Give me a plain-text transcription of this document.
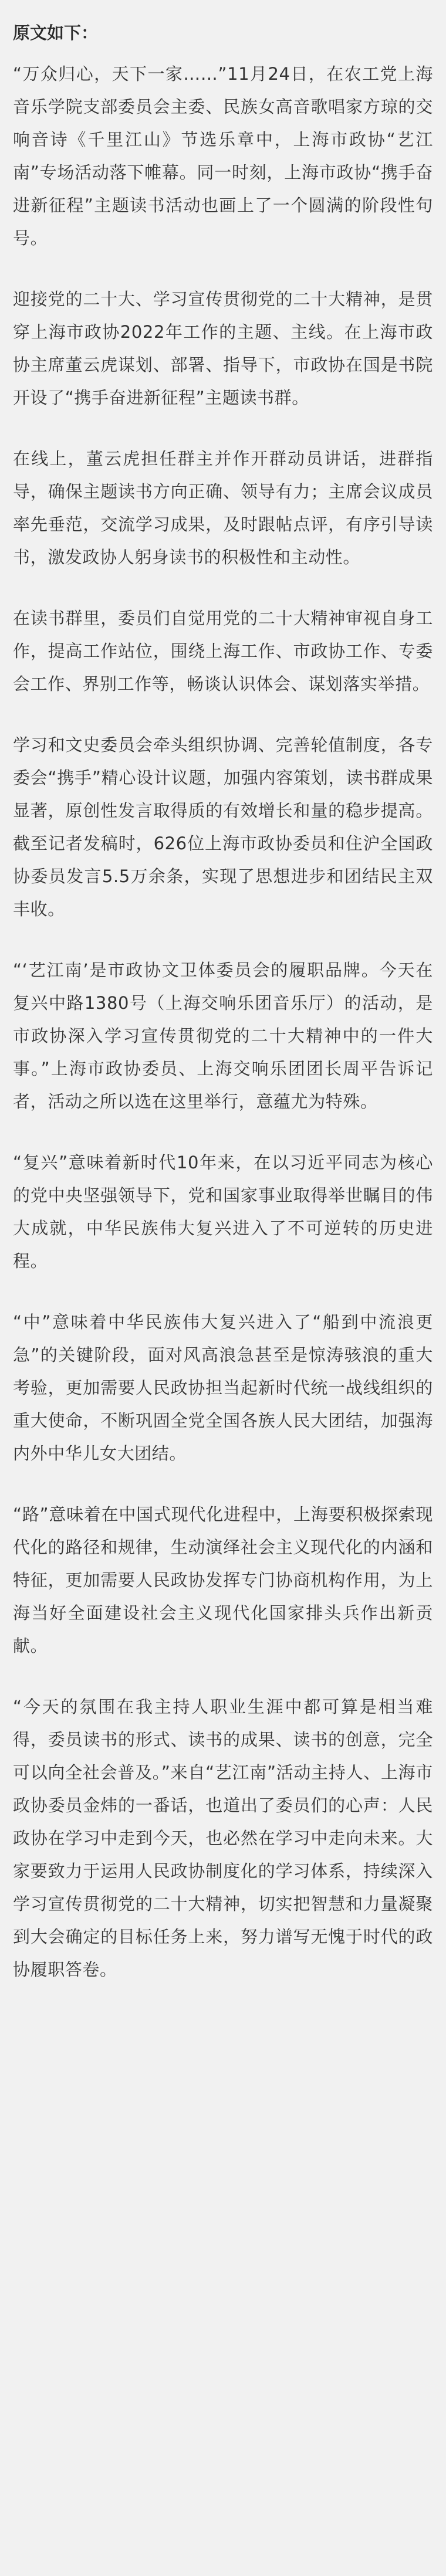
原文如下：

“万众归心，天下一家……”11月24日，在农工党上海音乐学院支部委员会主委、民族女高音歌唱家方琼的交响音诗《千里江山》节选乐章中，上海市政协“艺江南”专场活动落下帷幕。同一时刻，上海市政协“携手奋进新征程”主题读书活动也画上了一个圆满的阶段性句号。

迎接党的二十大、学习宣传贯彻党的二十大精神，是贯穿上海市政协2022年工作的主题、主线。在上海市政协主席董云虎谋划、部署、指导下，市政协在国是书院开设了“携手奋进新征程”主题读书群。

在线上，董云虎担任群主并作开群动员讲话，进群指导，确保主题读书方向正确、领导有力；主席会议成员率先垂范，交流学习成果，及时跟帖点评，有序引导读书，激发政协人躬身读书的积极性和主动性。

在读书群里，委员们自觉用党的二十大精神审视自身工作，提高工作站位，围绕上海工作、市政协工作、专委会工作、界别工作等，畅谈认识体会、谋划落实举措。

学习和文史委员会牵头组织协调、完善轮值制度，各专委会“携手”精心设计议题，加强内容策划，读书群成果显著，原创性发言取得质的有效增长和量的稳步提高。截至记者发稿时，626位上海市政协委员和住沪全国政协委员发言5.5万余条，实现了思想进步和团结民主双丰收。

“‘艺江南’是市政协文卫体委员会的履职品牌。今天在复兴中路1380号（上海交响乐团音乐厅）的活动，是市政协深入学习宣传贯彻党的二十大精神中的一件大事。”上海市政协委员、上海交响乐团团长周平告诉记者，活动之所以选在这里举行，意蕴尤为特殊。

“复兴”意味着新时代10年来，在以习近平同志为核心的党中央坚强领导下，党和国家事业取得举世瞩目的伟大成就，中华民族伟大复兴进入了不可逆转的历史进程。

“中”意味着中华民族伟大复兴进入了“船到中流浪更急”的关键阶段，面对风高浪急甚至是惊涛骇浪的重大考验，更加需要人民政协担当起新时代统一战线组织的重大使命，不断巩固全党全国各族人民大团结，加强海内外中华儿女大团结。

“路”意味着在中国式现代化进程中，上海要积极探索现代化的路径和规律，生动演绎社会主义现代化的内涵和特征，更加需要人民政协发挥专门协商机构作用，为上海当好全面建设社会主义现代化国家排头兵作出新贡献。

“今天的氛围在我主持人职业生涯中都可算是相当难得，委员读书的形式、读书的成果、读书的创意，完全可以向全社会普及。”来自“艺江南”活动主持人、上海市政协委员金炜的一番话，也道出了委员们的心声：人民政协在学习中走到今天，也必然在学习中走向未来。大家要致力于运用人民政协制度化的学习体系，持续深入学习宣传贯彻党的二十大精神，切实把智慧和力量凝聚到大会确定的目标任务上来，努力谱写无愧于时代的政协履职答卷。
